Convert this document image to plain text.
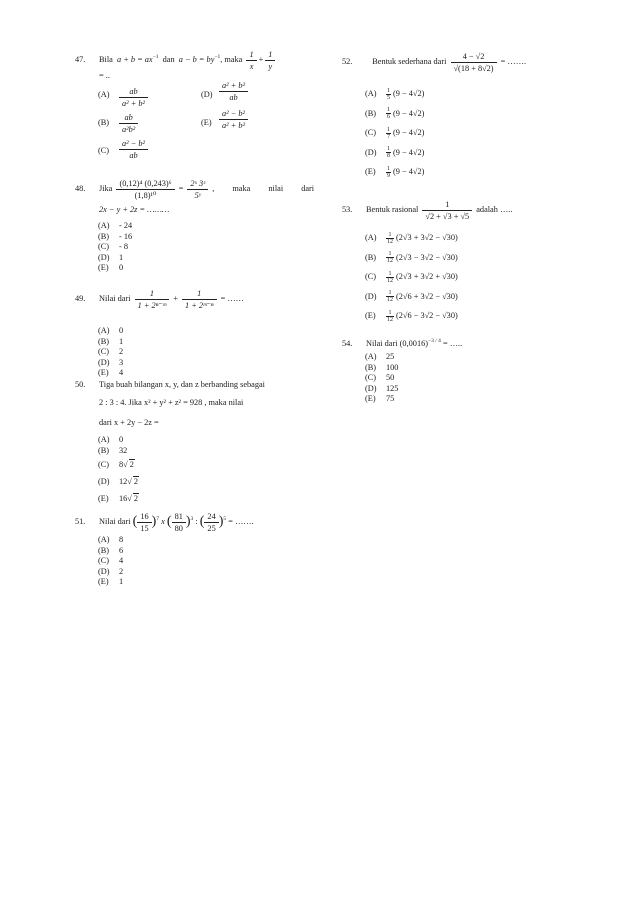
47. Bila $a + b = ax^{-1}$ dan $a - b = by^{-1}$, maka $\frac{1}{x} + \frac{1}{y}$
= ..
$(A) \frac{ab}{\text{a² + b²}}$	$(D) \frac{\text{a² + b²}}{ab}$
$(B) \frac{ab}{\text{a²b²}}$	$(E) \frac{\text{a² − b²}}{\text{a² + b²}}$
$(C) \frac{\text{a² − b²}}{ab}$
48. Jika $\frac{\text{(0,12)⁴ (0,243)⁶}}{\text{(1,8)¹⁰}} = \frac{\text{2ˣ 3ᶻ}}{\text{5ʸ}}$ , maka nilai dari
2x − y + 2z = ………
(A) - 24
(B) - 16
(C) - 8
(D) 1
(E) 0
49. Nilai dari $\frac{1}{\text{1 + 2ⁿ⁻ᵐ}} + \frac{1}{\text{1 + 2ᵐ⁻ⁿ}}$ = ……
(A) 0
(B) 1
(C) 2
(D) 3
(E) 4
50. Tiga buah bilangan x, y, dan z berbanding sebagai
2 : 3 : 4. Jika x² + y² + z² = 928 , maka nilai
dari x + 2y − 2z =
(A) 0
(B) 32
(C) 8√ 2
(D) 12√ 2
(E) 16√ 2
51. Nilai dari ( $\frac{16}{15} )^7$ x ( $\frac{81}{80} )^3$ : ( $\frac{24}{25} )^5$ = …….
(A) 8
(B) 6
(C) 4
(D) 2
(E) 1
52. Bentuk sederhana dari $\frac{4 - √2}{√(18 + 8√2)}$ = …….
$(A) \frac{1}{5} (9 - 4√2)$
$(B) \frac{1}{6} (9 - 4√2)$
$(C) \frac{1}{7} (9 - 4√2)$
$(D) \frac{1}{8} (9 - 4√2)$
$(E) \frac{1}{9} (9 - 4√2)$
53. Bentuk rasional $\frac{1}{√2 + √3 + √5}$ adalah …..
$(A) \frac{1}{12} (2√3 + 3√2 - √30)$
$(B) \frac{1}{12} (2√3 - 3√2 - √30)$
$(C) \frac{1}{12} (2√3 + 3√2 + √30)$
$(D) \frac{1}{12} (2√6 + 3√2 - √30)$
$(E) \frac{1}{12} (2√6 - 3√2 - √30)$
54. Nilai dari $(0,0016)^{-3 / 4}$ = …..
(A) 25
(B) 100
(C) 50
(D) 125
(E) 75
